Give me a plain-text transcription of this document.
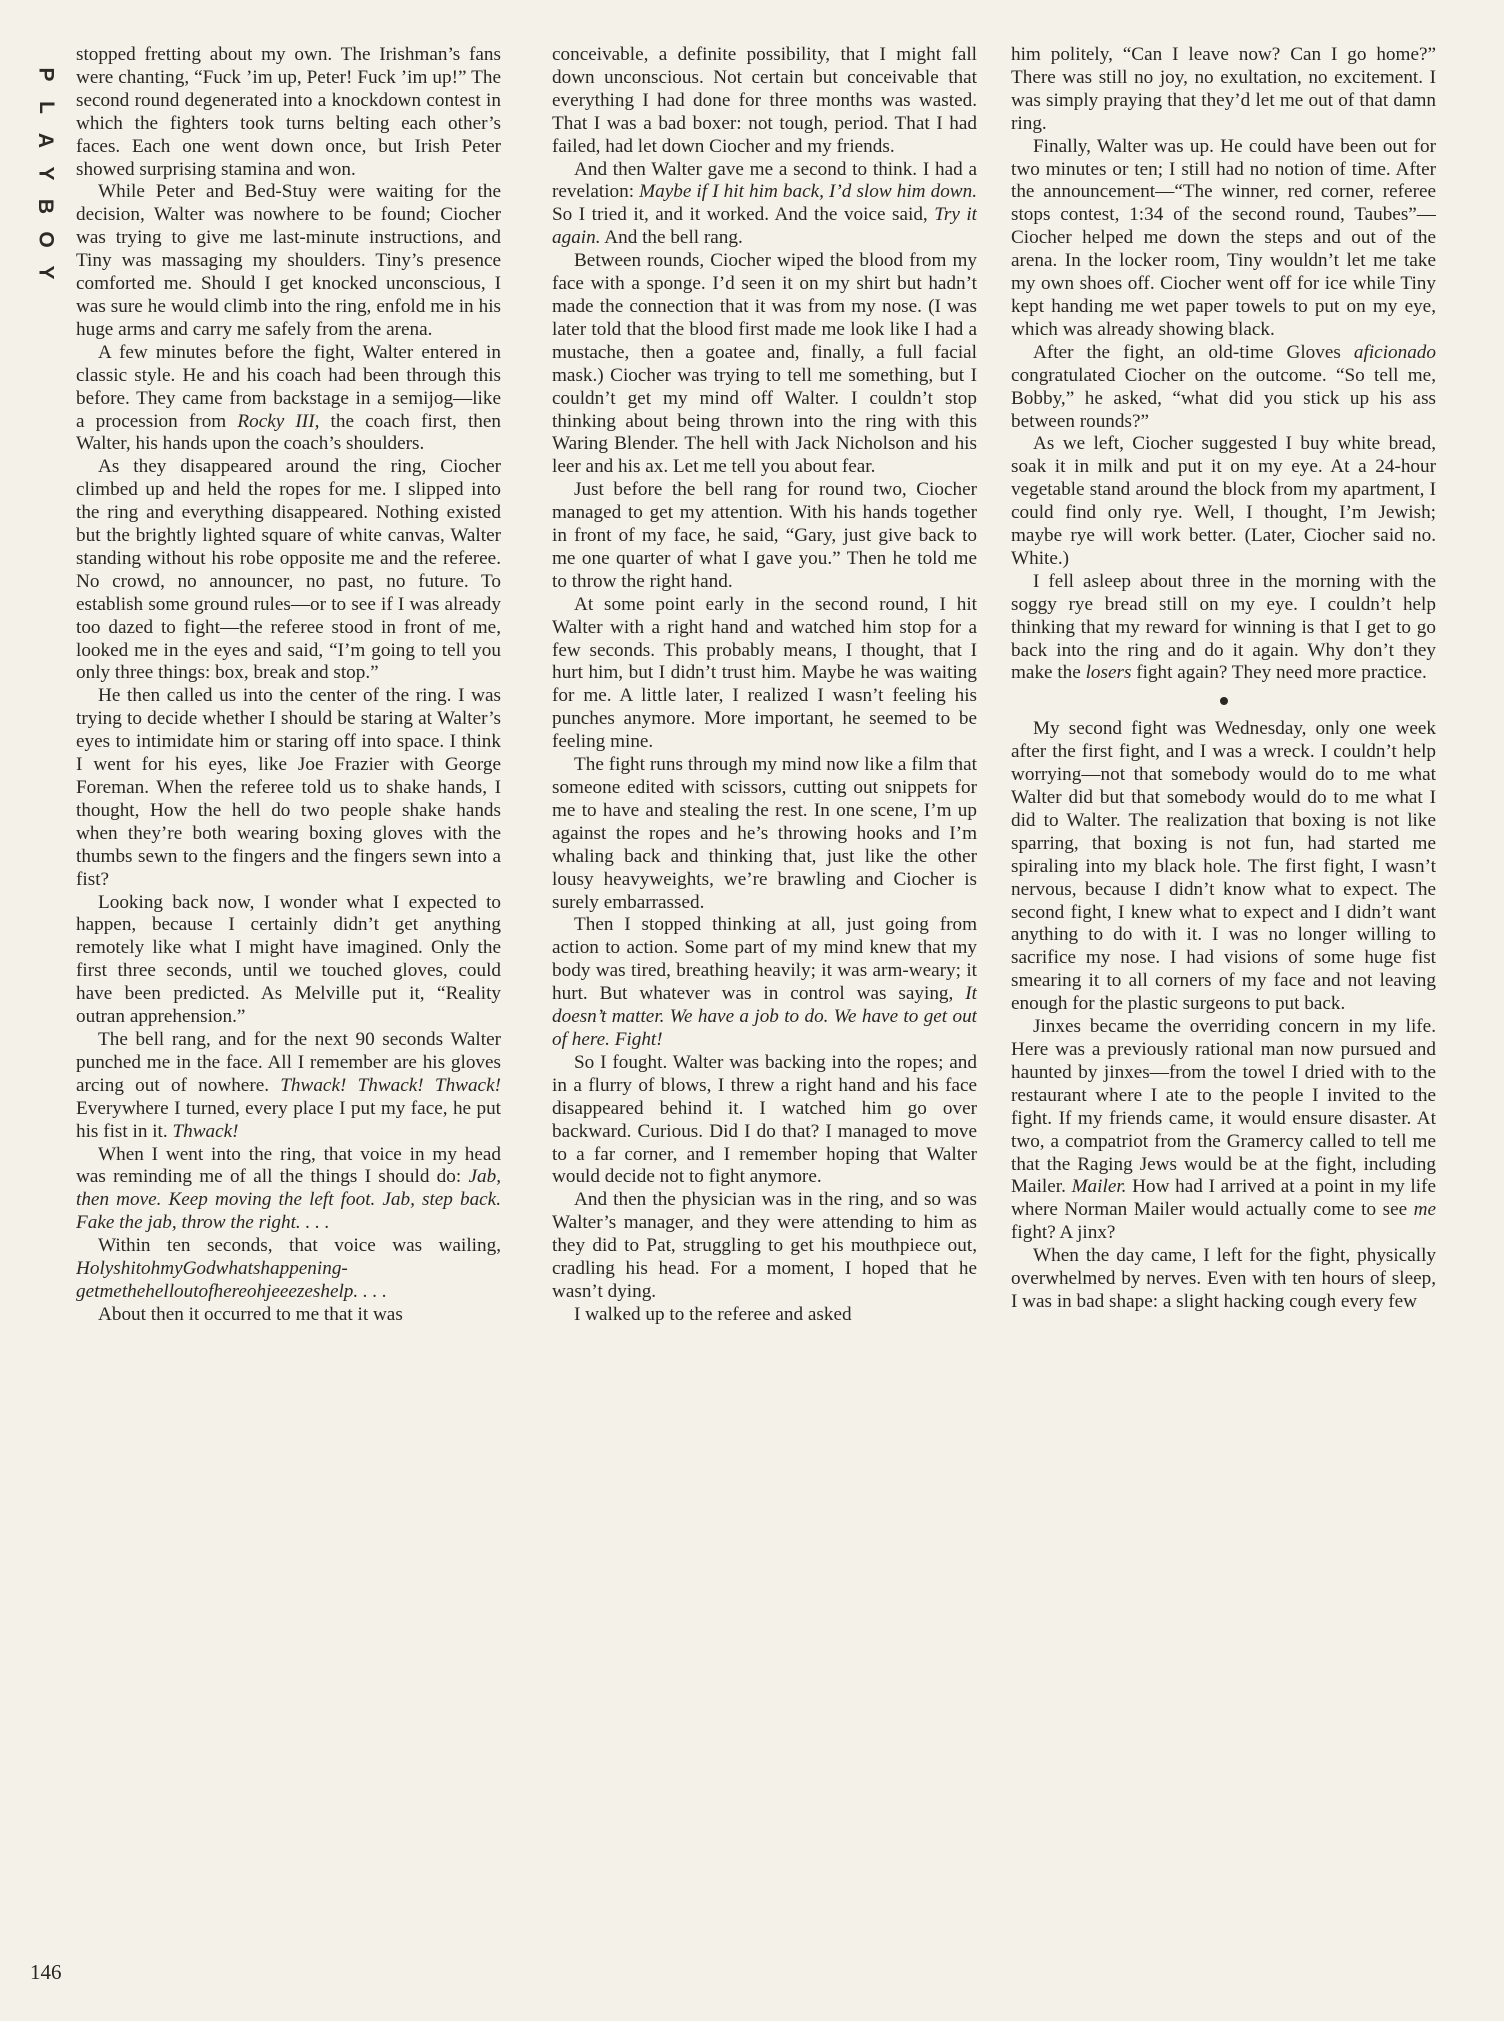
P
L
A
Y
B
O
Y

stopped fretting about my own. The Irishman’s fans were chanting, “Fuck ’im up, Peter! Fuck ’im up!” The second round degenerated into a knockdown contest in which the fighters took turns belting each other’s faces. Each one went down once, but Irish Peter showed surprising stamina and won.

While Peter and Bed-Stuy were waiting for the decision, Walter was nowhere to be found; Ciocher was trying to give me last-minute instructions, and Tiny was massaging my shoulders. Tiny’s presence comforted me. Should I get knocked unconscious, I was sure he would climb into the ring, enfold me in his huge arms and carry me safely from the arena.

A few minutes before the fight, Walter entered in classic style. He and his coach had been through this before. They came from backstage in a semijog—like a procession from Rocky III, the coach first, then Walter, his hands upon the coach’s shoulders.

As they disappeared around the ring, Ciocher climbed up and held the ropes for me. I slipped into the ring and everything disappeared. Nothing existed but the brightly lighted square of white canvas, Walter standing without his robe opposite me and the referee. No crowd, no announcer, no past, no future. To establish some ground rules—or to see if I was already too dazed to fight—the referee stood in front of me, looked me in the eyes and said, “I’m going to tell you only three things: box, break and stop.”

He then called us into the center of the ring. I was trying to decide whether I should be staring at Walter’s eyes to intimidate him or staring off into space. I think I went for his eyes, like Joe Frazier with George Foreman. When the referee told us to shake hands, I thought, How the hell do two people shake hands when they’re both wearing boxing gloves with the thumbs sewn to the fingers and the fingers sewn into a fist?

Looking back now, I wonder what I expected to happen, because I certainly didn’t get anything remotely like what I might have imagined. Only the first three seconds, until we touched gloves, could have been predicted. As Melville put it, “Reality outran apprehension.”

The bell rang, and for the next 90 seconds Walter punched me in the face. All I remember are his gloves arcing out of nowhere. Thwack! Thwack! Thwack! Everywhere I turned, every place I put my face, he put his fist in it. Thwack!

When I went into the ring, that voice in my head was reminding me of all the things I should do: Jab, then move. Keep moving the left foot. Jab, step back. Fake the jab, throw the right. . . .

Within ten seconds, that voice was wailing, HolyshitohmyGodwhatshappeninggetmethehelloutofhereohjeeezeshelp. . . .

About then it occurred to me that it was

conceivable, a definite possibility, that I might fall down unconscious. Not certain but conceivable that everything I had done for three months was wasted. That I was a bad boxer: not tough, period. That I had failed, had let down Ciocher and my friends.

And then Walter gave me a second to think. I had a revelation: Maybe if I hit him back, I’d slow him down. So I tried it, and it worked. And the voice said, Try it again. And the bell rang.

Between rounds, Ciocher wiped the blood from my face with a sponge. I’d seen it on my shirt but hadn’t made the connection that it was from my nose. (I was later told that the blood first made me look like I had a mustache, then a goatee and, finally, a full facial mask.) Ciocher was trying to tell me something, but I couldn’t get my mind off Walter. I couldn’t stop thinking about being thrown into the ring with this Waring Blender. The hell with Jack Nicholson and his leer and his ax. Let me tell you about fear.

Just before the bell rang for round two, Ciocher managed to get my attention. With his hands together in front of my face, he said, “Gary, just give back to me one quarter of what I gave you.” Then he told me to throw the right hand.

At some point early in the second round, I hit Walter with a right hand and watched him stop for a few seconds. This probably means, I thought, that I hurt him, but I didn’t trust him. Maybe he was waiting for me. A little later, I realized I wasn’t feeling his punches anymore. More important, he seemed to be feeling mine.

The fight runs through my mind now like a film that someone edited with scissors, cutting out snippets for me to have and stealing the rest. In one scene, I’m up against the ropes and he’s throwing hooks and I’m whaling back and thinking that, just like the other lousy heavyweights, we’re brawling and Ciocher is surely embarrassed.

Then I stopped thinking at all, just going from action to action. Some part of my mind knew that my body was tired, breathing heavily; it was arm-weary; it hurt. But whatever was in control was saying, It doesn’t matter. We have a job to do. We have to get out of here. Fight!

So I fought. Walter was backing into the ropes; and in a flurry of blows, I threw a right hand and his face disappeared behind it. I watched him go over backward. Curious. Did I do that? I managed to move to a far corner, and I remember hoping that Walter would decide not to fight anymore.

And then the physician was in the ring, and so was Walter’s manager, and they were attending to him as they did to Pat, struggling to get his mouthpiece out, cradling his head. For a moment, I hoped that he wasn’t dying.

I walked up to the referee and asked

him politely, “Can I leave now? Can I go home?” There was still no joy, no exultation, no excitement. I was simply praying that they’d let me out of that damn ring.

Finally, Walter was up. He could have been out for two minutes or ten; I still had no notion of time. After the announcement—“The winner, red corner, referee stops contest, 1:34 of the second round, Taubes”—Ciocher helped me down the steps and out of the arena. In the locker room, Tiny wouldn’t let me take my own shoes off. Ciocher went off for ice while Tiny kept handing me wet paper towels to put on my eye, which was already showing black.

After the fight, an old-time Gloves aficionado congratulated Ciocher on the outcome. “So tell me, Bobby,” he asked, “what did you stick up his ass between rounds?”

As we left, Ciocher suggested I buy white bread, soak it in milk and put it on my eye. At a 24-hour vegetable stand around the block from my apartment, I could find only rye. Well, I thought, I’m Jewish; maybe rye will work better. (Later, Ciocher said no. White.)

I fell asleep about three in the morning with the soggy rye bread still on my eye. I couldn’t help thinking that my reward for winning is that I get to go back into the ring and do it again. Why don’t they make the losers fight again? They need more practice.

My second fight was Wednesday, only one week after the first fight, and I was a wreck. I couldn’t help worrying—not that somebody would do to me what Walter did but that somebody would do to me what I did to Walter. The realization that boxing is not like sparring, that boxing is not fun, had started me spiraling into my black hole. The first fight, I wasn’t nervous, because I didn’t know what to expect. The second fight, I knew what to expect and I didn’t want anything to do with it. I was no longer willing to sacrifice my nose. I had visions of some huge fist smearing it to all corners of my face and not leaving enough for the plastic surgeons to put back.

Jinxes became the overriding concern in my life. Here was a previously rational man now pursued and haunted by jinxes—from the towel I dried with to the restaurant where I ate to the people I invited to the fight. If my friends came, it would ensure disaster. At two, a compatriot from the Gramercy called to tell me that the Raging Jews would be at the fight, including Mailer. Mailer. How had I arrived at a point in my life where Norman Mailer would actually come to see me fight? A jinx?

When the day came, I left for the fight, physically overwhelmed by nerves. Even with ten hours of sleep, I was in bad shape: a slight hacking cough every few

146
